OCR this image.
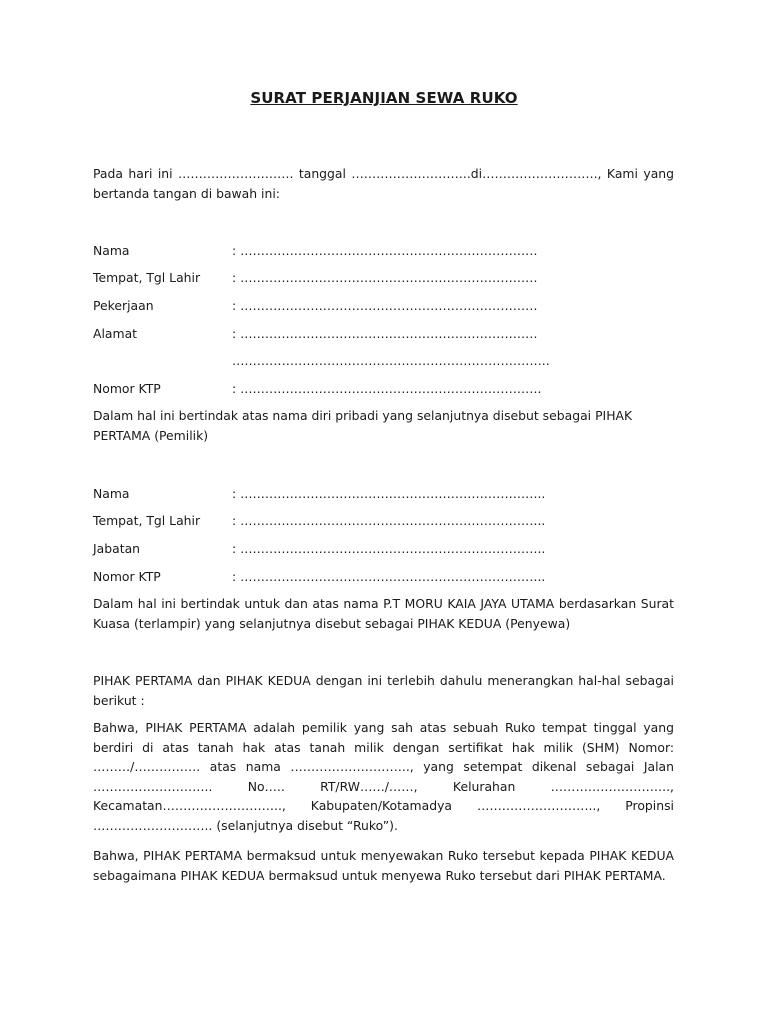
SURAT PERJANJIAN SEWA RUKO
Pada hari ini ………………………. tanggal ………………………..di………………………., Kami yang bertanda tangan di bawah ini:
Nama	: ………………………………………………………………
Tempat, Tgl Lahir	: ………………………………………………………………
Pekerjaan	: ………………………………………………………………
Alamat	: ………………………………………………………………
…………………………………………………………………..
Nomor KTP	: ……………………………………………………………….
Dalam hal ini bertindak atas nama diri pribadi yang selanjutnya disebut sebagai PIHAK PERTAMA (Pemilik)
Nama	: ………………………………………………………………..
Tempat, Tgl Lahir	: ………………………………………………………………..
Jabatan	: ………………………………………………………………..
Nomor KTP	: ………………………………………………………………..
Dalam hal ini bertindak untuk dan atas nama P.T MORU KAIA JAYA UTAMA berdasarkan Surat Kuasa (terlampir) yang selanjutnya disebut sebagai PIHAK KEDUA (Penyewa)
PIHAK PERTAMA dan PIHAK KEDUA dengan ini terlebih dahulu menerangkan hal-hal sebagai berikut :
Bahwa, PIHAK PERTAMA adalah pemilik yang sah atas sebuah Ruko tempat tinggal yang
berdiri di atas tanah hak atas tanah milik dengan sertifikat hak milik (SHM) Nomor:
………/……………. atas nama ……………………….., yang setempat dikenal sebagai Jalan
……………………….. No….. RT/RW……/……, Kelurahan ………………………..,
Kecamatan……………………….., Kabupaten/Kotamadya ……………………….., Propinsi
……………………….. (selanjutnya disebut “Ruko”).
Bahwa, PIHAK PERTAMA bermaksud untuk menyewakan Ruko tersebut kepada PIHAK KEDUA sebagaimana PIHAK KEDUA bermaksud untuk menyewa Ruko tersebut dari PIHAK PERTAMA.
